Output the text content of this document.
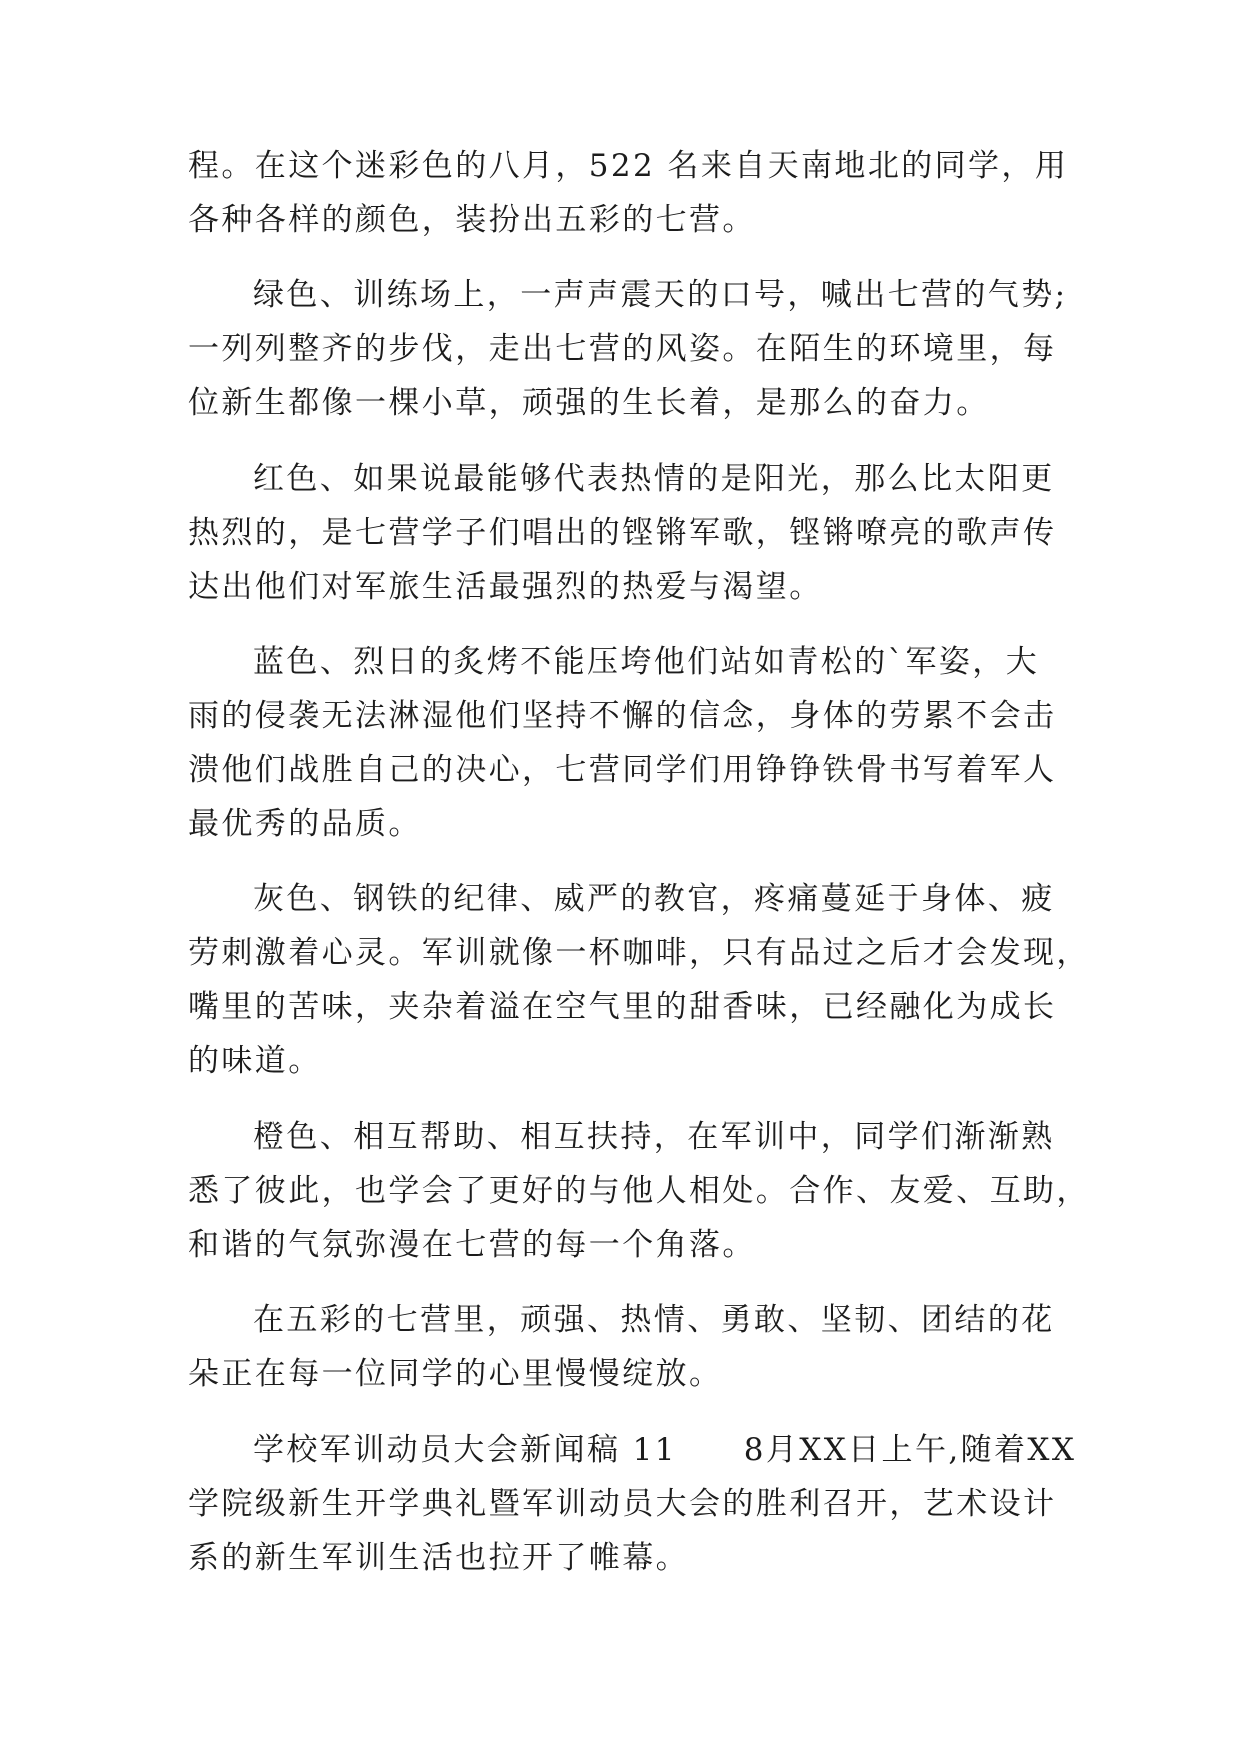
程。在这个迷彩色的八月，522 名来自天南地北的同学，用
各种各样的颜色，装扮出五彩的七营。
绿色、训练场上，一声声震天的口号，喊出七营的气势;
一列列整齐的步伐，走出七营的风姿。在陌生的环境里，每
位新生都像一棵小草，顽强的生长着，是那么的奋力。
红色、如果说最能够代表热情的是阳光，那么比太阳更
热烈的，是七营学子们唱出的铿锵军歌，铿锵嘹亮的歌声传
达出他们对军旅生活最强烈的热爱与渴望。
蓝色、烈日的炙烤不能压垮他们站如青松的`军姿，大
雨的侵袭无法淋湿他们坚持不懈的信念，身体的劳累不会击
溃他们战胜自己的决心，七营同学们用铮铮铁骨书写着军人
最优秀的品质。
灰色、钢铁的纪律、威严的教官，疼痛蔓延于身体、疲
劳刺激着心灵。军训就像一杯咖啡，只有品过之后才会发现，
嘴里的苦味，夹杂着溢在空气里的甜香味，已经融化为成长
的味道。
橙色、相互帮助、相互扶持，在军训中，同学们渐渐熟
悉了彼此，也学会了更好的与他人相处。合作、友爱、互助，
和谐的气氛弥漫在七营的每一个角落。
在五彩的七营里，顽强、热情、勇敢、坚韧、团结的花
朵正在每一位同学的心里慢慢绽放。
学校军训动员大会新闻稿 11　　8月XX日上午,随着XX
学院级新生开学典礼暨军训动员大会的胜利召开，艺术设计
系的新生军训生活也拉开了帷幕。
